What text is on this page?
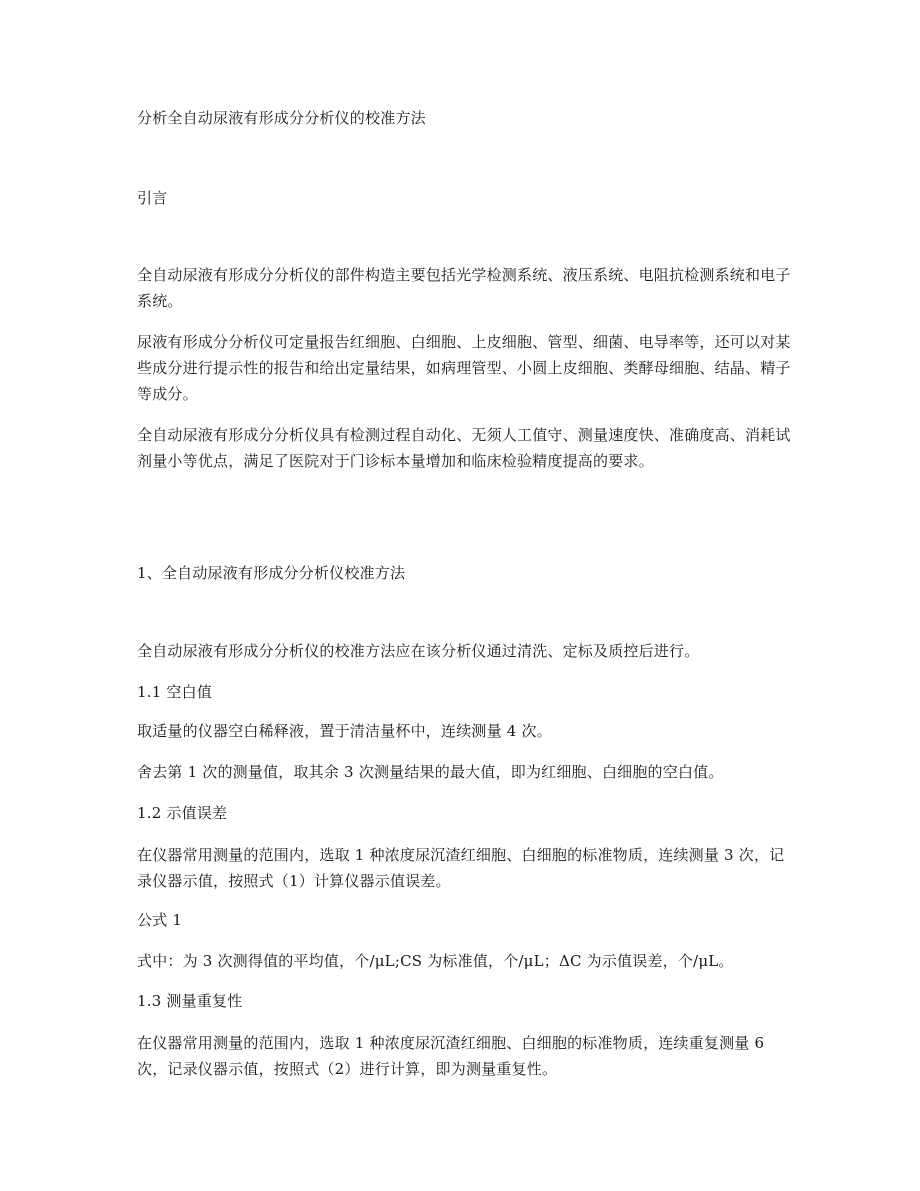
分析全自动尿液有形成分分析仪的校准方法
引言
全自动尿液有形成分分析仪的部件构造主要包括光学检测系统、液压系统、电阻抗检测系统和电子系统。
尿液有形成分分析仪可定量报告红细胞、白细胞、上皮细胞、管型、细菌、电导率等，还可以对某些成分进行提示性的报告和给出定量结果，如病理管型、小圆上皮细胞、类酵母细胞、结晶、精子等成分。
全自动尿液有形成分分析仪具有检测过程自动化、无须人工值守、测量速度快、准确度高、消耗试剂量小等优点，满足了医院对于门诊标本量增加和临床检验精度提高的要求。
1、全自动尿液有形成分分析仪校准方法
全自动尿液有形成分分析仪的校准方法应在该分析仪通过清洗、定标及质控后进行。
1.1 空白值
取适量的仪器空白稀释液，置于清洁量杯中，连续测量 4 次。
舍去第 1 次的测量值，取其余 3 次测量结果的最大值，即为红细胞、白细胞的空白值。
1.2 示值误差
在仪器常用测量的范围内，选取 1 种浓度尿沉渣红细胞、白细胞的标准物质，连续测量 3 次，记录仪器示值，按照式（1）计算仪器示值误差。
公式 1
式中：为 3 次测得值的平均值，个/μL;CS 为标准值，个/μL；ΔC 为示值误差，个/μL。
1.3 测量重复性
在仪器常用测量的范围内，选取 1 种浓度尿沉渣红细胞、白细胞的标准物质，连续重复测量 6 次，记录仪器示值，按照式（2）进行计算，即为测量重复性。
